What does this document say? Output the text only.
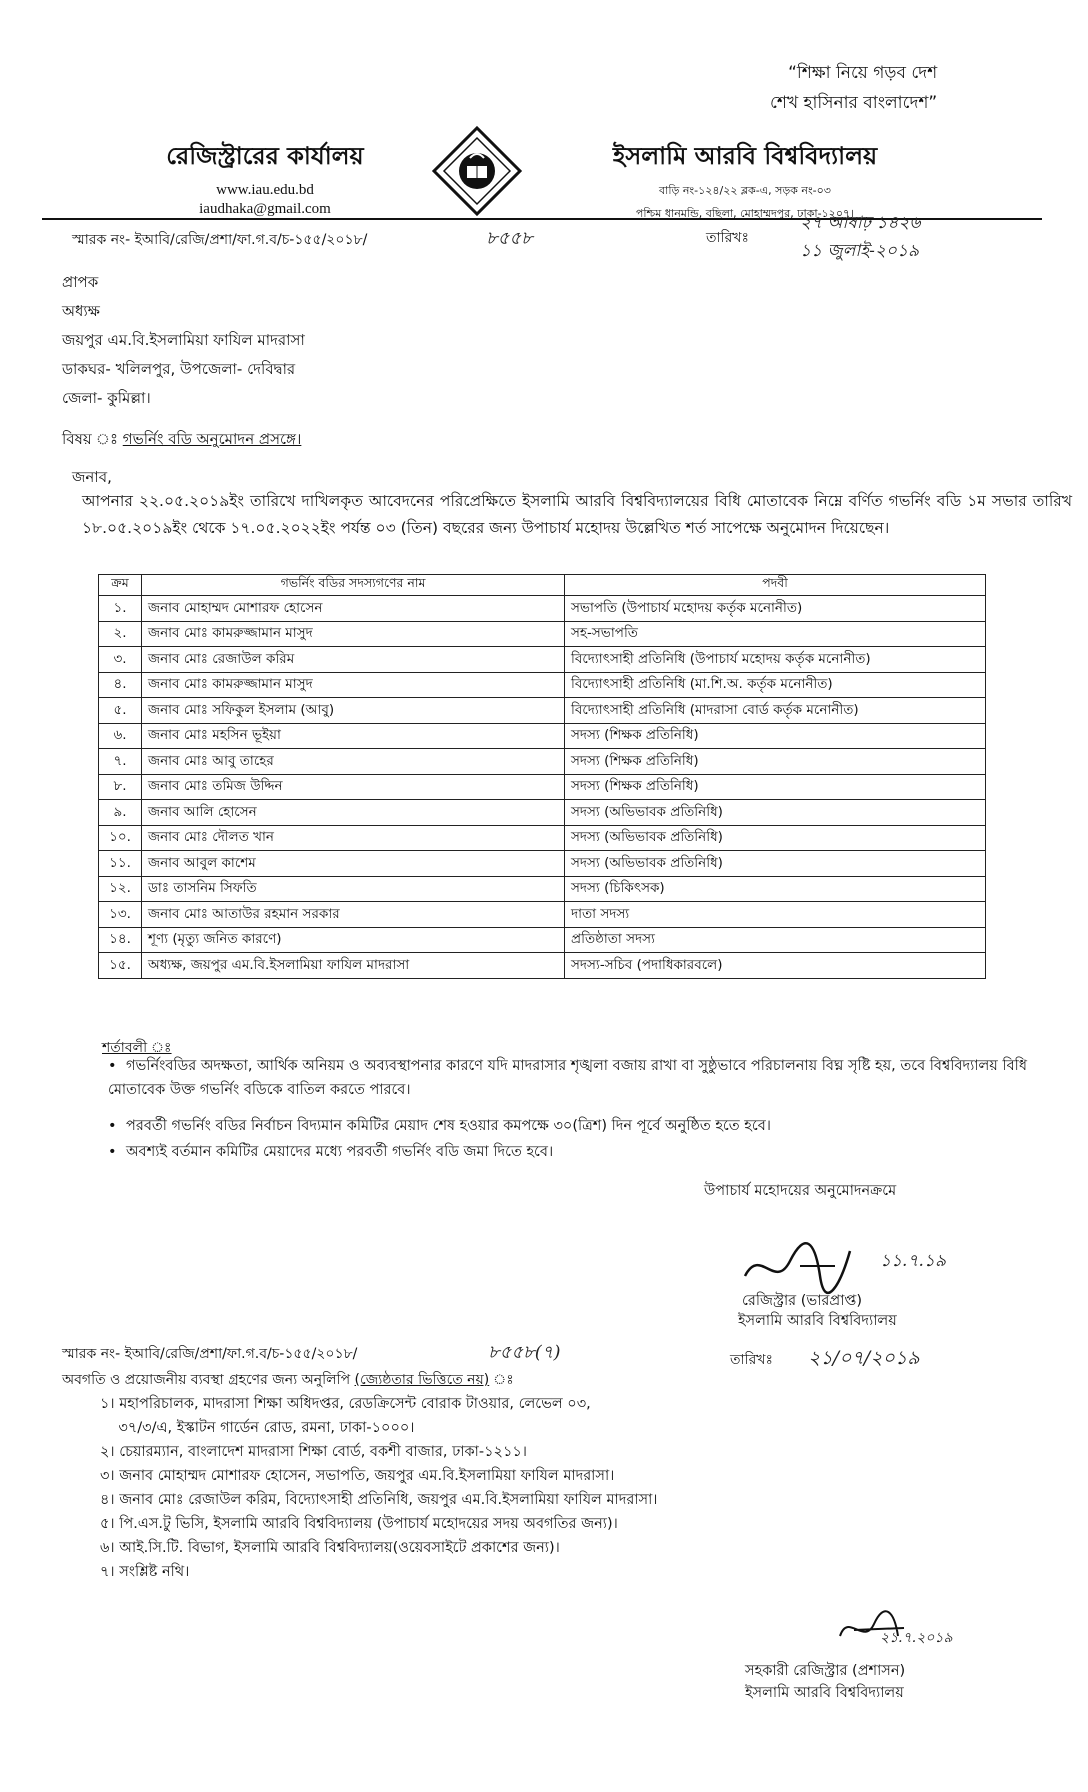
“শিক্ষা নিয়ে গড়ব দেশ
শেখ হাসিনার বাংলাদেশ”
রেজিস্ট্রারের কার্যালয়
www.iau.edu.bd
iaudhaka@gmail.com
ইসলামি আরবি বিশ্ববিদ্যালয়
বাড়ি নং-১২৪/২২ ব্লক-এ, সড়ক নং-০৩
পশ্চিম ধানমন্ডি, বছিলা, মোহাম্মদপুর, ঢাকা-১২০৭।
স্মারক নং- ইআবি/রেজি/প্রশা/ফা.গ.ব/চ-১৫৫/২০১৮/	৮৫৫৮	তারিখঃ
২৭ আষাঢ় ১৪২৬
১১ জুলাই-২০১৯
প্রাপক
অধ্যক্ষ
জয়পুর এম.বি.ইসলামিয়া ফাযিল মাদরাসা
ডাকঘর- খলিলপুর, উপজেলা- দেবিদ্বার
জেলা- কুমিল্লা।
বিষয় ঃ গভর্নিং বডি অনুমোদন প্রসঙ্গে।
জনাব,
আপনার ২২.০৫.২০১৯ইং তারিখে দাখিলকৃত আবেদনের পরিপ্রেক্ষিতে ইসলামি আরবি বিশ্ববিদ্যালয়ের বিধি মোতাবেক নিম্নে বর্ণিত গভর্নিং বডি ১ম সভার তারিখ ১৮.০৫.২০১৯ইং থেকে ১৭.০৫.২০২২ইং পর্যন্ত ০৩ (তিন) বছরের জন্য উপাচার্য মহোদয় উল্লেখিত শর্ত সাপেক্ষে অনুমোদন দিয়েছেন।
ক্রম	গভর্নিং বডির সদস্যগণের নাম	পদবী
১.	জনাব মোহাম্মদ মোশারফ হোসেন	সভাপতি (উপাচার্য মহোদয় কর্তৃক মনোনীত)
২.	জনাব মোঃ কামরুজ্জামান মাসুদ	সহ-সভাপতি
৩.	জনাব মোঃ রেজাউল করিম	বিদ্যোৎসাহী প্রতিনিধি (উপাচার্য মহোদয় কর্তৃক মনোনীত)
৪.	জনাব মোঃ কামরুজ্জামান মাসুদ	বিদ্যোৎসাহী প্রতিনিধি (মা.শি.অ. কর্তৃক মনোনীত)
৫.	জনাব মোঃ সফিকুল ইসলাম (আবু)	বিদ্যোৎসাহী প্রতিনিধি (মাদরাসা বোর্ড কর্তৃক মনোনীত)
৬.	জনাব মোঃ মহসিন ভূইয়া	সদস্য (শিক্ষক প্রতিনিধি)
৭.	জনাব মোঃ আবু তাহের	সদস্য (শিক্ষক প্রতিনিধি)
৮.	জনাব মোঃ তমিজ উদ্দিন	সদস্য (শিক্ষক প্রতিনিধি)
৯.	জনাব আলি হোসেন	সদস্য (অভিভাবক প্রতিনিধি)
১০.	জনাব মোঃ দৌলত খান	সদস্য (অভিভাবক প্রতিনিধি)
১১.	জনাব আবুল কাশেম	সদস্য (অভিভাবক প্রতিনিধি)
১২.	ডাঃ তাসনিম সিফতি	সদস্য (চিকিৎসক)
১৩.	জনাব মোঃ আতাউর রহমান সরকার	দাতা সদস্য
১৪.	শূণ্য (মৃত্যু জনিত কারণে)	প্রতিষ্ঠাতা সদস্য
১৫.	অধ্যক্ষ, জয়পুর এম.বি.ইসলামিয়া ফাযিল মাদরাসা	সদস্য-সচিব (পদাধিকারবলে)
শর্তাবলী ঃ
• গভর্নিংবডির অদক্ষতা, আর্থিক অনিয়ম ও অব্যবস্থাপনার কারণে যদি মাদরাসার শৃঙ্খলা বজায় রাখা বা সুষ্ঠুভাবে পরিচালনায় বিঘ্ন সৃষ্টি হয়, তবে বিশ্ববিদ্যালয় বিধি মোতাবেক উক্ত গভর্নিং বডিকে বাতিল করতে পারবে।
• পরবর্তী গভর্নিং বডির নির্বাচন বিদ্যমান কমিটির মেয়াদ শেষ হওয়ার কমপক্ষে ৩০(ত্রিশ) দিন পূর্বে অনুষ্ঠিত হতে হবে।
• অবশ্যই বর্তমান কমিটির মেয়াদের মধ্যে পরবর্তী গভর্নিং বডি জমা দিতে হবে।
উপাচার্য মহোদয়ের অনুমোদনক্রমে
১১.৭.১৯
রেজিস্ট্রার (ভারপ্রাপ্ত)
ইসলামি আরবি বিশ্ববিদ্যালয়
স্মারক নং- ইআবি/রেজি/প্রশা/ফা.গ.ব/চ-১৫৫/২০১৮/	৮৫৫৮(৭)	তারিখঃ ২১/০৭/২০১৯
অবগতি ও প্রয়োজনীয় ব্যবস্থা গ্রহণের জন্য অনুলিপি (জ্যেষ্ঠতার ভিত্তিতে নয়) ঃ
১। মহাপরিচালক, মাদরাসা শিক্ষা অধিদপ্তর, রেডক্রিসেন্ট বোরাক টাওয়ার, লেভেল ০৩,
৩৭/৩/এ, ইস্কাটন গার্ডেন রোড, রমনা, ঢাকা-১০০০।
২। চেয়ারম্যান, বাংলাদেশ মাদরাসা শিক্ষা বোর্ড, বকশী বাজার, ঢাকা-১২১১।
৩। জনাব মোহাম্মদ মোশারফ হোসেন, সভাপতি, জয়পুর এম.বি.ইসলামিয়া ফাযিল মাদরাসা।
৪। জনাব মোঃ রেজাউল করিম, বিদ্যোৎসাহী প্রতিনিধি, জয়পুর এম.বি.ইসলামিয়া ফাযিল মাদরাসা।
৫। পি.এস.টু ভিসি, ইসলামি আরবি বিশ্ববিদ্যালয় (উপাচার্য মহোদয়ের সদয় অবগতির জন্য)।
৬। আই.সি.টি. বিভাগ, ইসলামি আরবি বিশ্ববিদ্যালয়(ওয়েবসাইটে প্রকাশের জন্য)।
৭। সংশ্লিষ্ট নথি।
২১.৭.২০১৯
সহকারী রেজিস্ট্রার (প্রশাসন)
ইসলামি আরবি বিশ্ববিদ্যালয়
